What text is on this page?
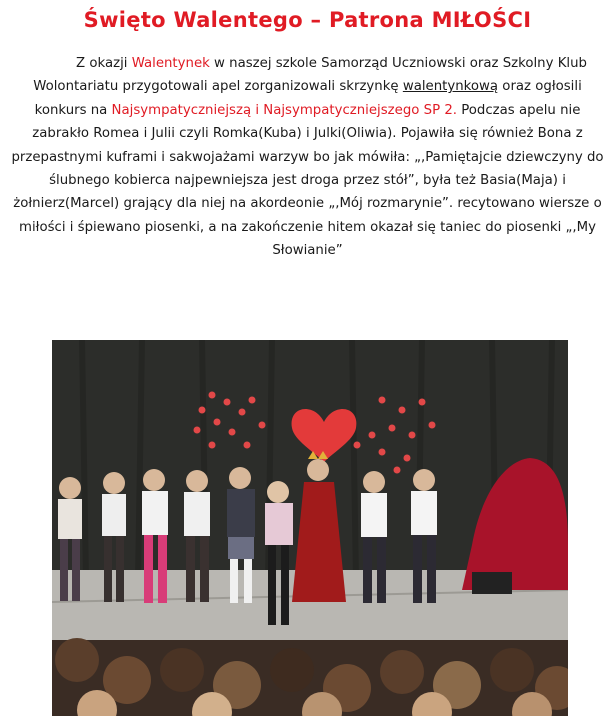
Święto Walentego – Patrona MIŁOŚCI
Z okazji Walentynek w naszej szkole Samorząd Uczniowski oraz Szkolny Klub Wolontariatu przygotowali apel zorganizowali skrzynkę walentynkową oraz ogłosili konkurs na Najsympatyczniejszą i Najsympatyczniejszego SP 2. Podczas apelu nie zabrakło Romea i Julii czyli Romka(Kuba) i Julki(Oliwia). Pojawiła się również Bona z przepastnymi kuframi i sakwojażami warzyw bo jak mówiła: „,Pamiętajcie dziewczyny do ślubnego kobierca najpewniejsza jest droga przez stół”, była też Basia(Maja) i żołnierz(Marcel) grający dla niej na akordeonie „,Mój rozmarynie”. recytowano wiersze o miłości i śpiewano piosenki, a na zakończenie hitem okazał się taniec do piosenki „,My Słowianie”
